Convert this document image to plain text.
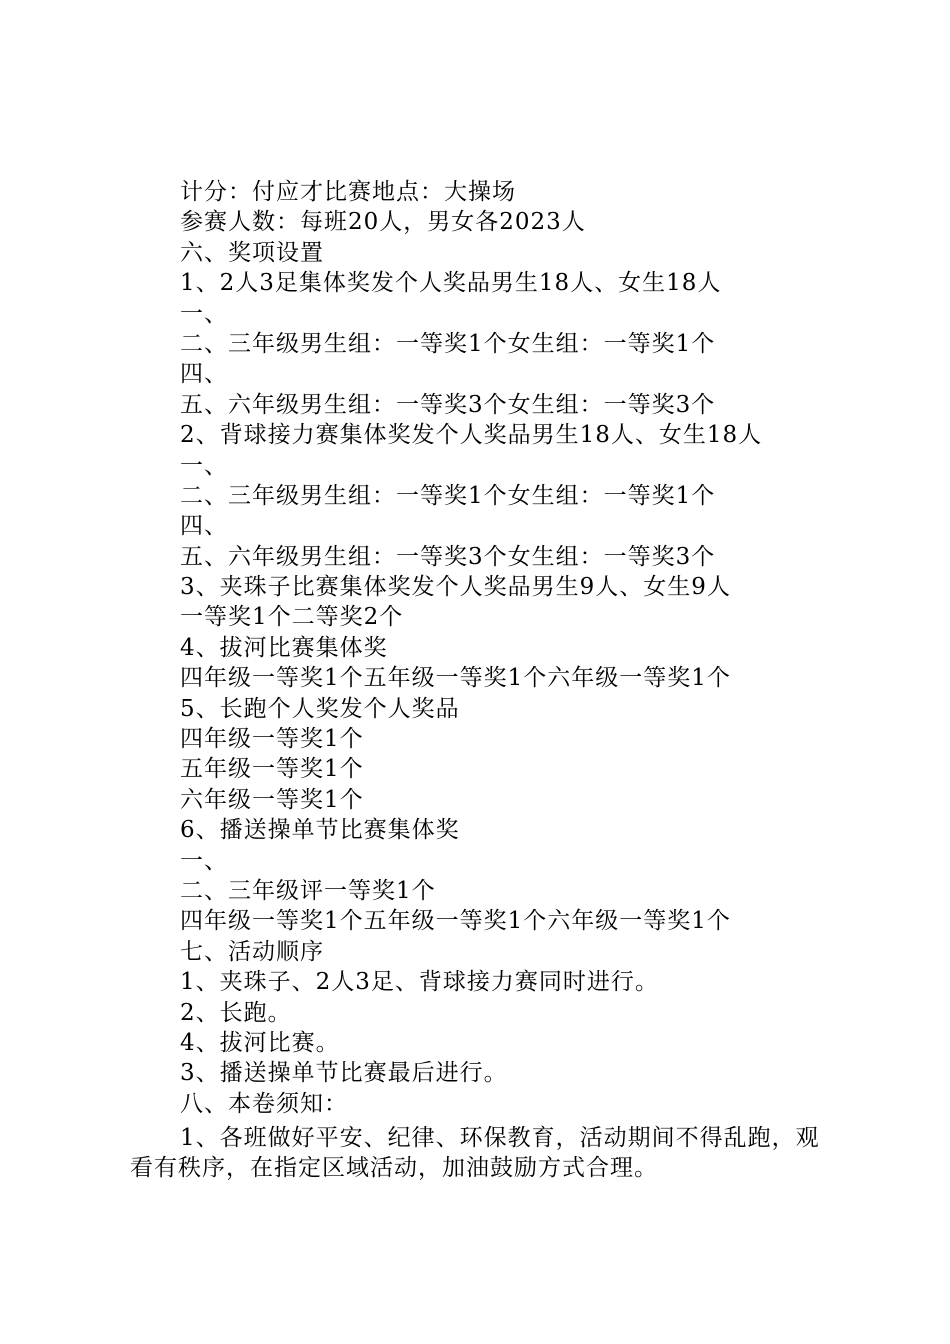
计分：付应才比赛地点：大操场
参赛人数：每班20人，男女各2023人
六、奖项设置
1、2人3足集体奖发个人奖品男生18人、女生18人
一、
二、三年级男生组：一等奖1个女生组：一等奖1个
四、
五、六年级男生组：一等奖3个女生组：一等奖3个
2、背球接力赛集体奖发个人奖品男生18人、女生18人
一、
二、三年级男生组：一等奖1个女生组：一等奖1个
四、
五、六年级男生组：一等奖3个女生组：一等奖3个
3、夹珠子比赛集体奖发个人奖品男生9人、女生9人
一等奖1个二等奖2个
4、拔河比赛集体奖
四年级一等奖1个五年级一等奖1个六年级一等奖1个
5、长跑个人奖发个人奖品
四年级一等奖1个
五年级一等奖1个
六年级一等奖1个
6、播送操单节比赛集体奖
一、
二、三年级评一等奖1个
四年级一等奖1个五年级一等奖1个六年级一等奖1个
七、活动顺序
1、夹珠子、2人3足、背球接力赛同时进行。
2、长跑。
4、拔河比赛。
3、播送操单节比赛最后进行。
八、本卷须知：
1、各班做好平安、纪律、环保教育，活动期间不得乱跑，观看有秩序，在指定区域活动，加油鼓励方式合理。
